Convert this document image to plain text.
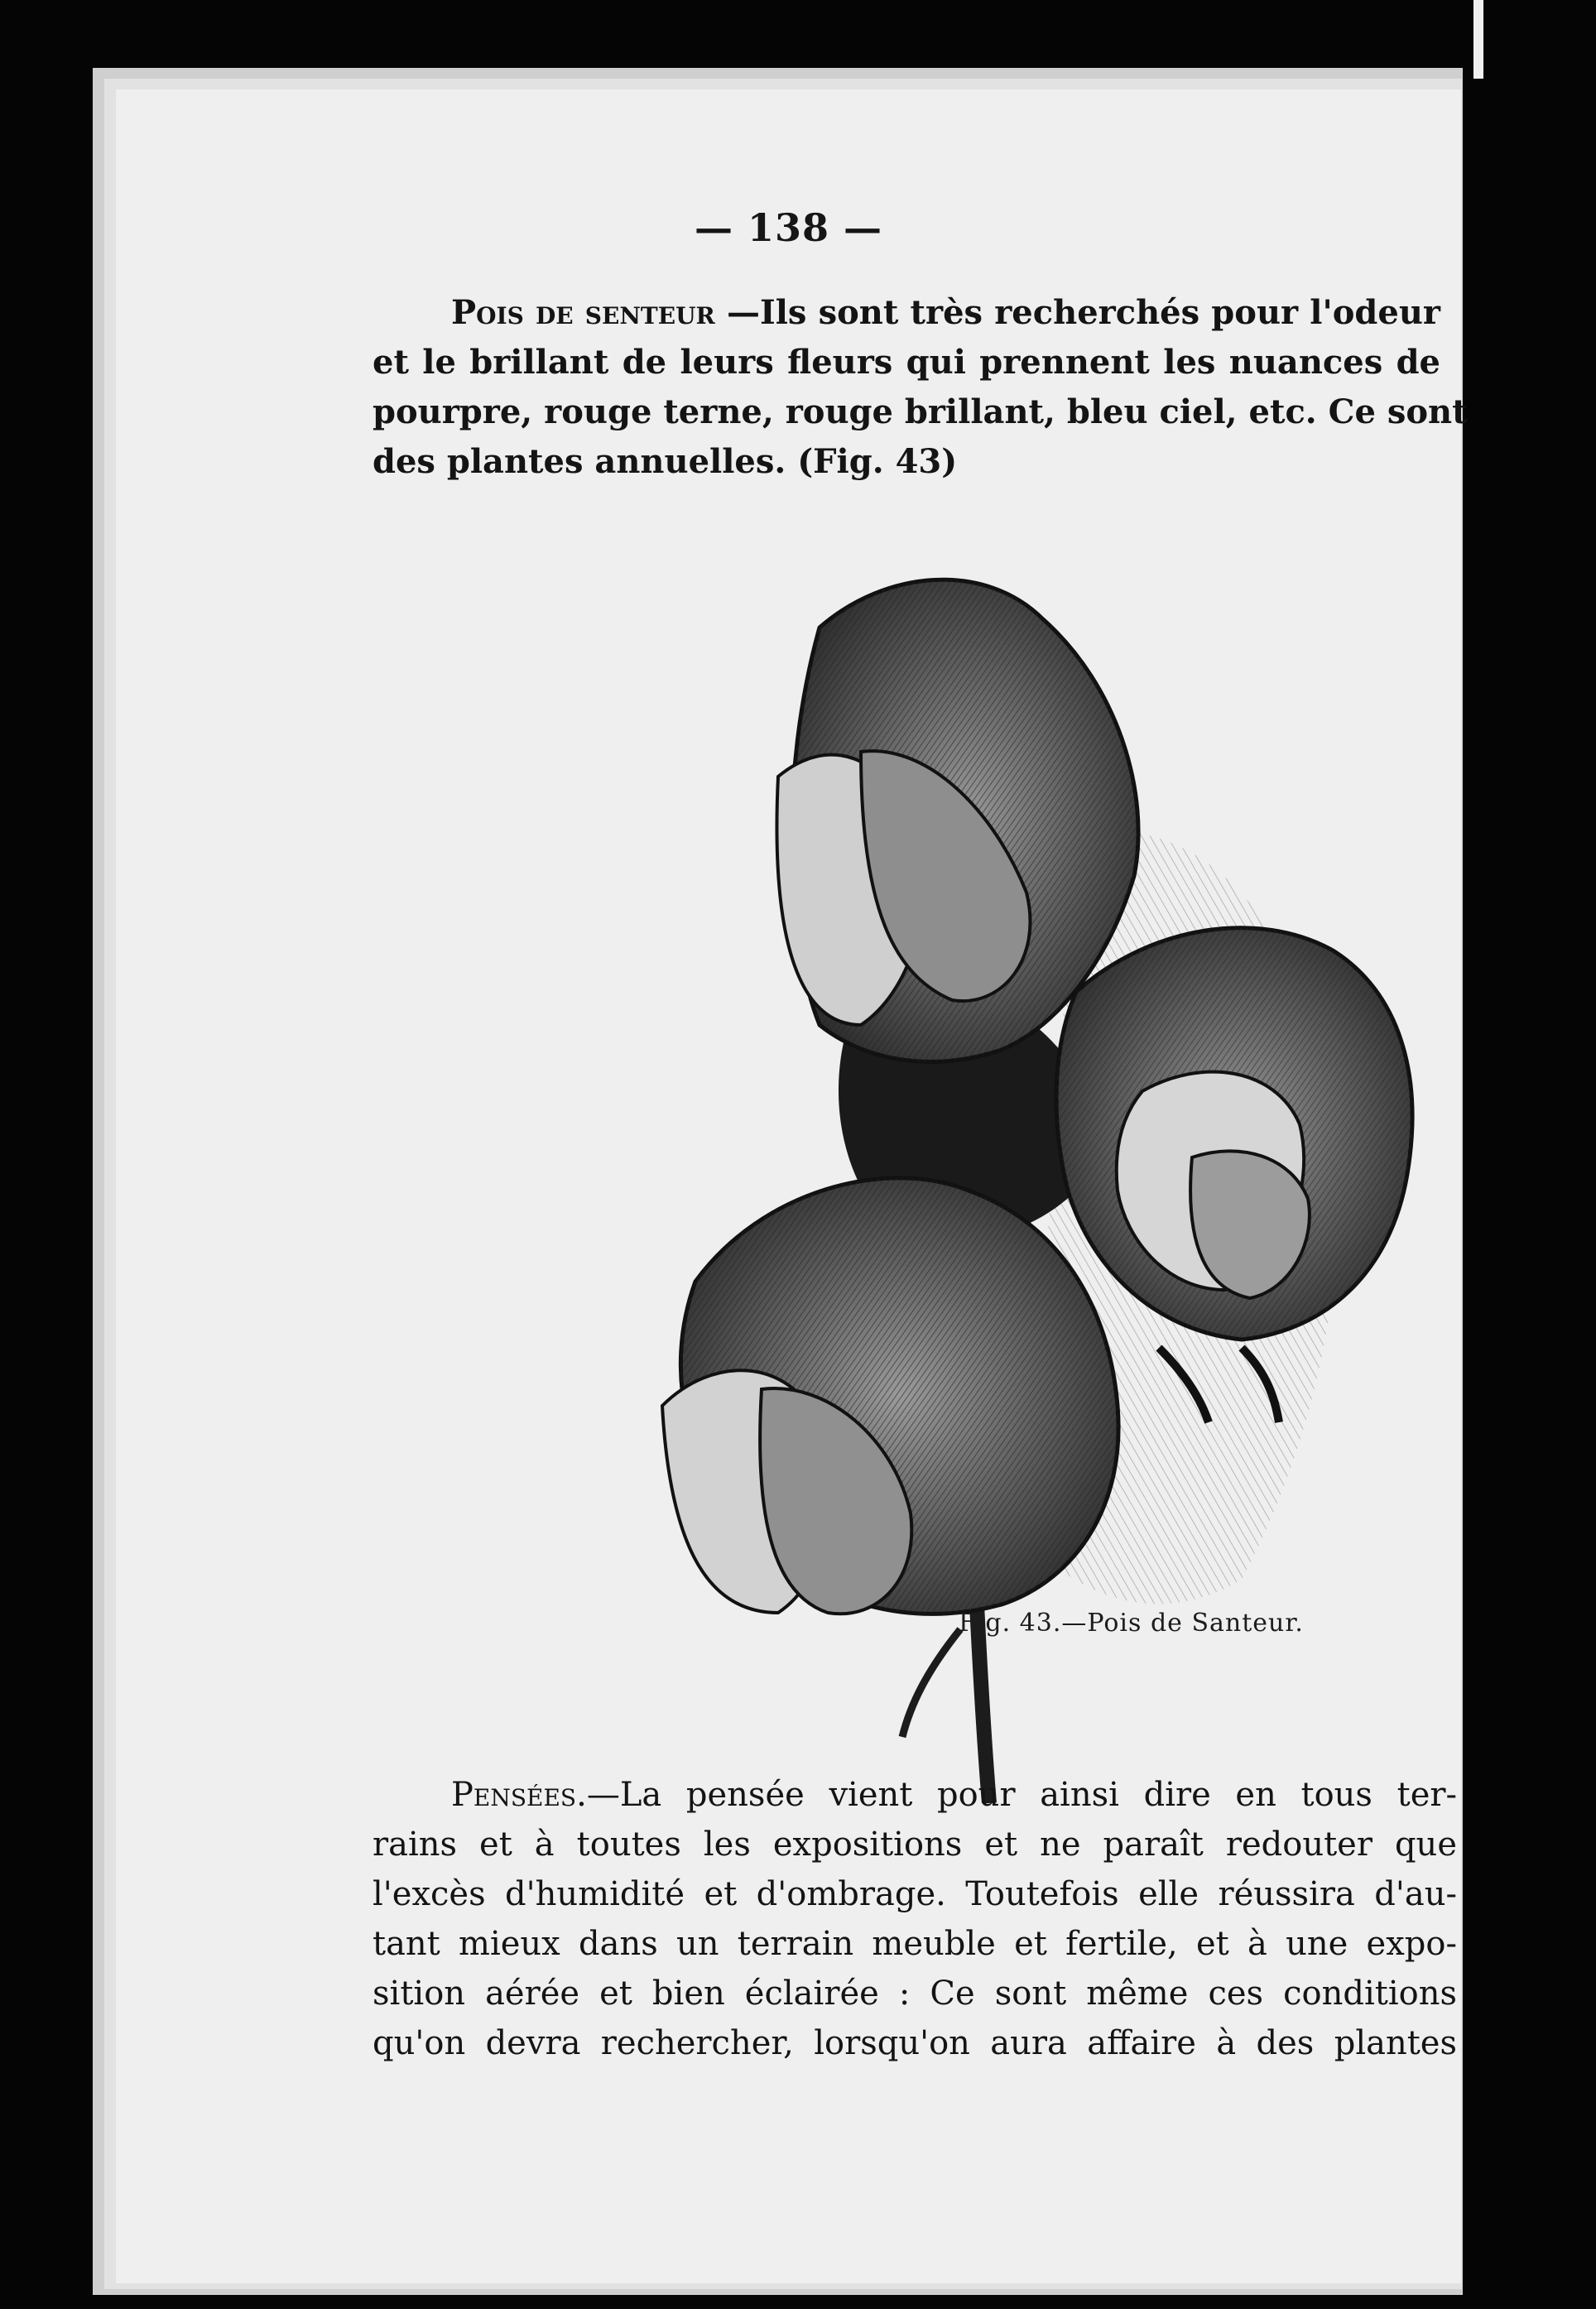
— 138 —
Pois de senteur —Ils sont très recherchés pour l'odeur
et le brillant de leurs fleurs qui prennent les nuances de
pourpre, rouge terne, rouge brillant, bleu ciel, etc. Ce sont
des plantes annuelles. (Fig. 43)
Fig. 43.—Pois de Santeur.
Pensées.—La pensée vient pour ainsi dire en tous ter-
rains et à toutes les expositions et ne paraît redouter que
l'excès d'humidité et d'ombrage. Toutefois elle réussira d'au-
tant mieux dans un terrain meuble et fertile, et à une expo-
sition aérée et bien éclairée : Ce sont même ces conditions
qu'on devra rechercher, lorsqu'on aura affaire à des plantes
